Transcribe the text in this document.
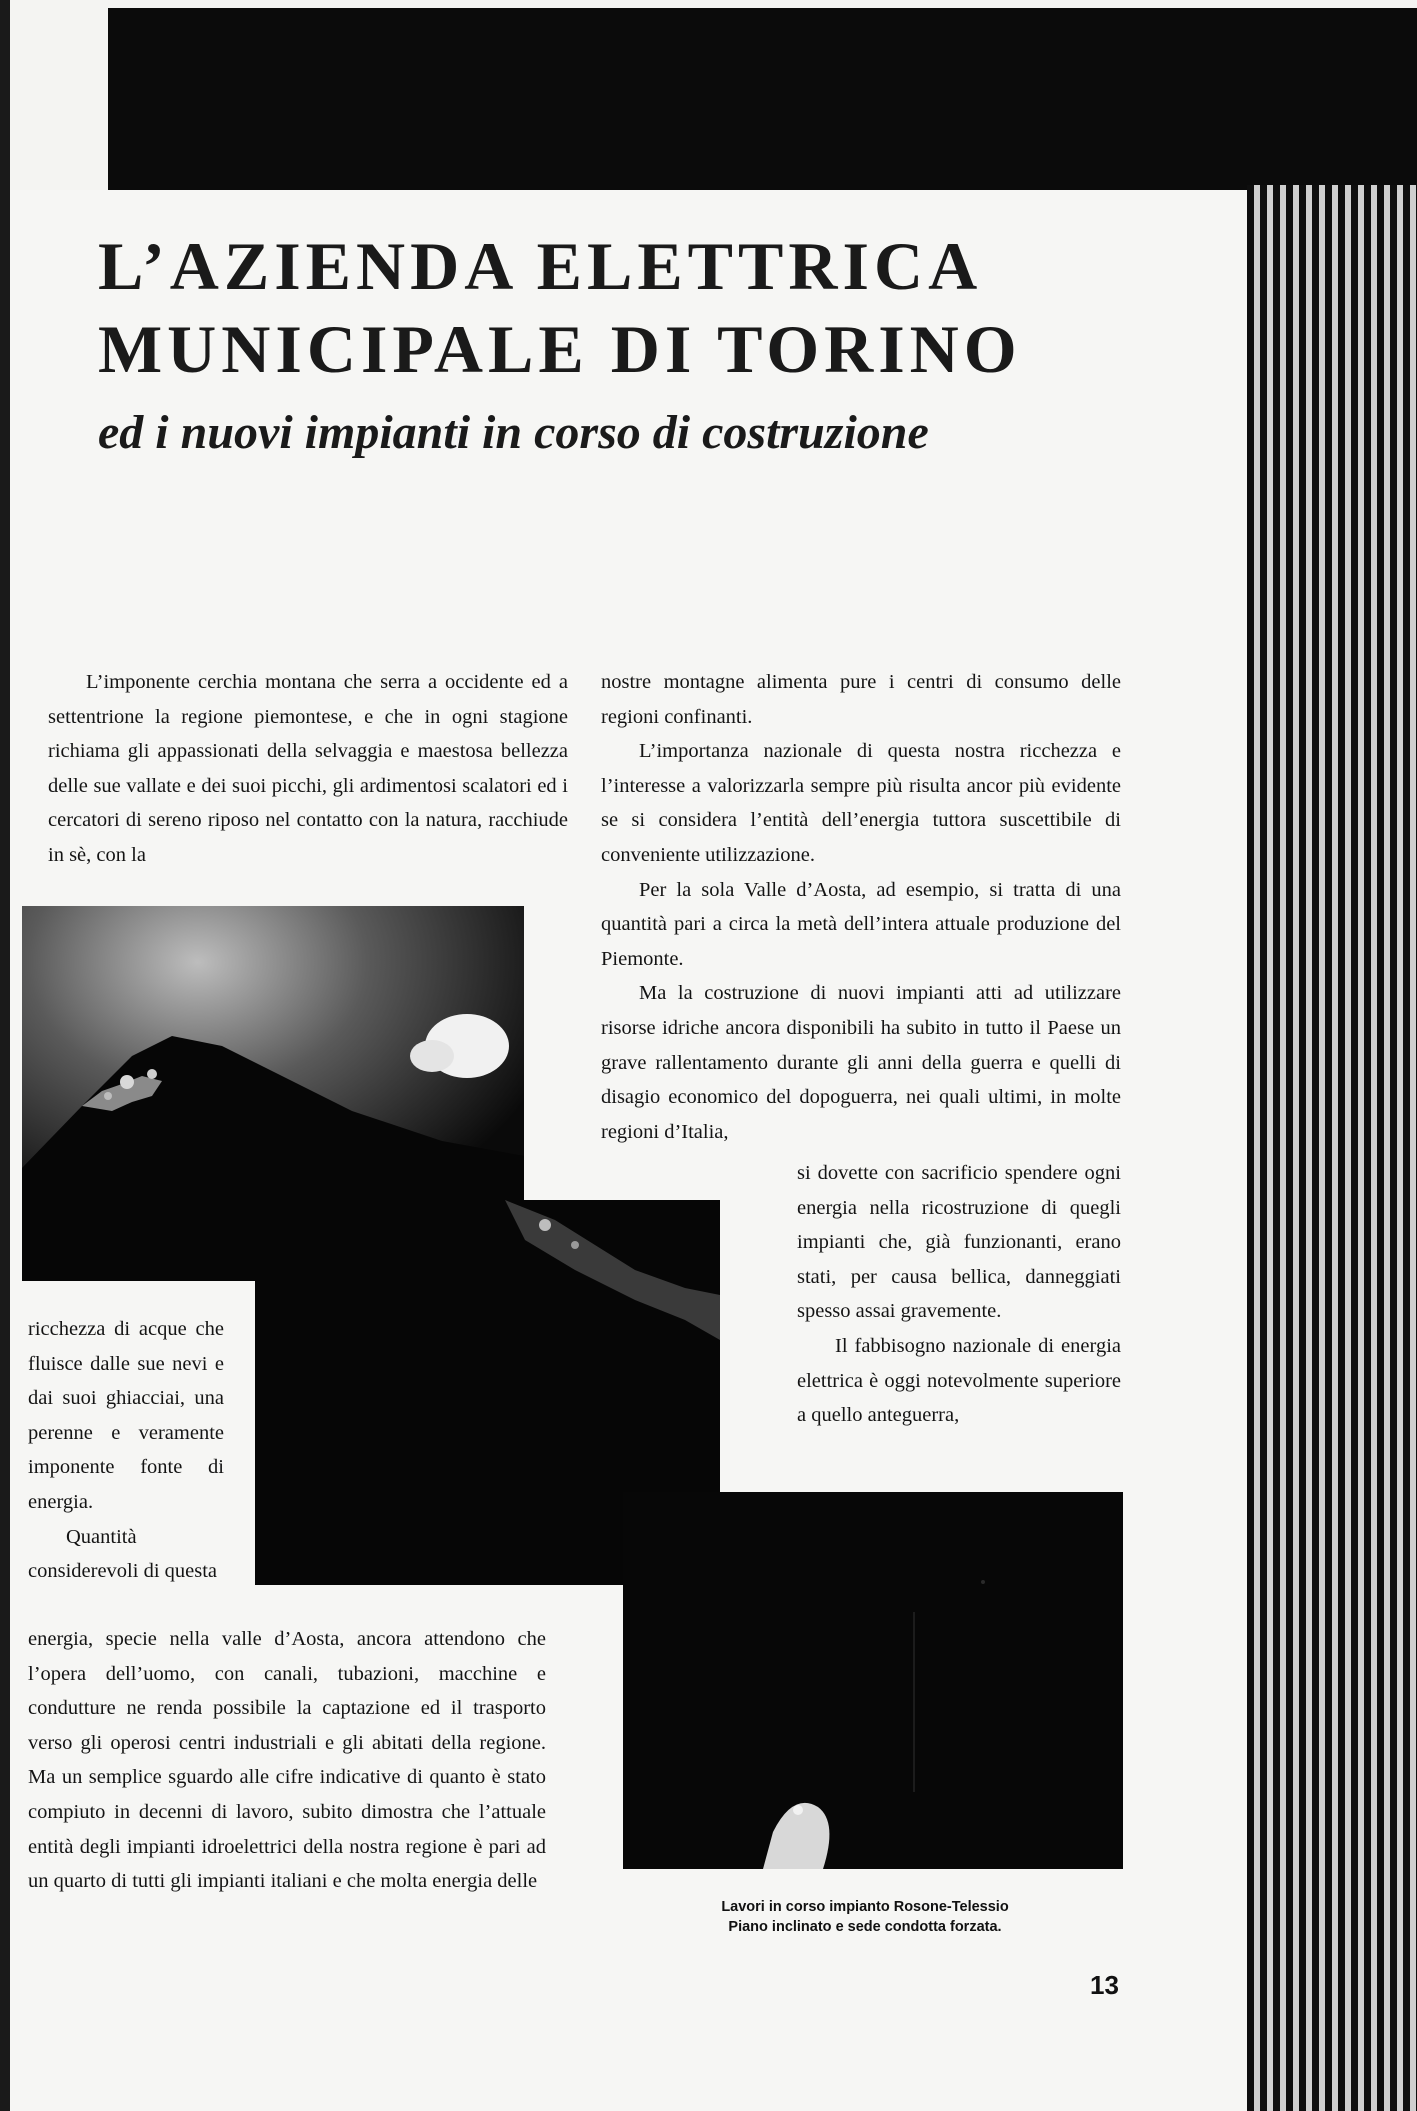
L’AZIENDA ELETTRICA
MUNICIPALE DI TORINO
ed i nuovi impianti in corso di costruzione

L’imponente cerchia montana che serra a occidente ed a settentrione la regione piemontese, e che in ogni stagione richiama gli appassionati della selvaggia e maestosa bellezza delle sue vallate e dei suoi picchi, gli ardimentosi scalatori ed i cercatori di sereno riposo nel contatto con la natura, racchiude in sè, con la

ricchezza di acque che fluisce dalle sue nevi e dai suoi ghiacciai, una perenne e veramente imponente fonte di energia.

Quantità considerevoli di questa

energia, specie nella valle d’Aosta, ancora attendono che l’opera dell’uomo, con canali, tubazioni, macchine e condutture ne renda possibile la captazione ed il trasporto verso gli operosi centri industriali e gli abitati della regione. Ma un semplice sguardo alle cifre indicative di quanto è stato compiuto in decenni di lavoro, subito dimostra che l’attuale entità degli impianti idroelettrici della nostra regione è pari ad un quarto di tutti gli impianti italiani e che molta energia delle

nostre montagne alimenta pure i centri di consumo delle regioni confinanti.

L’importanza nazionale di questa nostra ricchezza e l’interesse a valorizzarla sempre più risulta ancor più evidente se si considera l’entità dell’energia tuttora suscettibile di conveniente utilizzazione.

Per la sola Valle d’Aosta, ad esempio, si tratta di una quantità pari a circa la metà dell’intera attuale produzione del Piemonte.

Ma la costruzione di nuovi impianti atti ad utilizzare risorse idriche ancora disponibili ha subito in tutto il Paese un grave rallentamento durante gli anni della guerra e quelli di disagio economico del dopoguerra, nei quali ultimi, in molte regioni d’Italia,

si dovette con sacrificio spendere ogni energia nella ricostruzione di quegli impianti che, già funzionanti, erano stati, per causa bellica, danneggiati spesso assai gravemente.

Il fabbisogno nazionale di energia elettrica è oggi notevolmente superiore a quello anteguerra,

Lavori in corso impianto Rosone-Telessio
Piano inclinato e sede condotta forzata.
13
